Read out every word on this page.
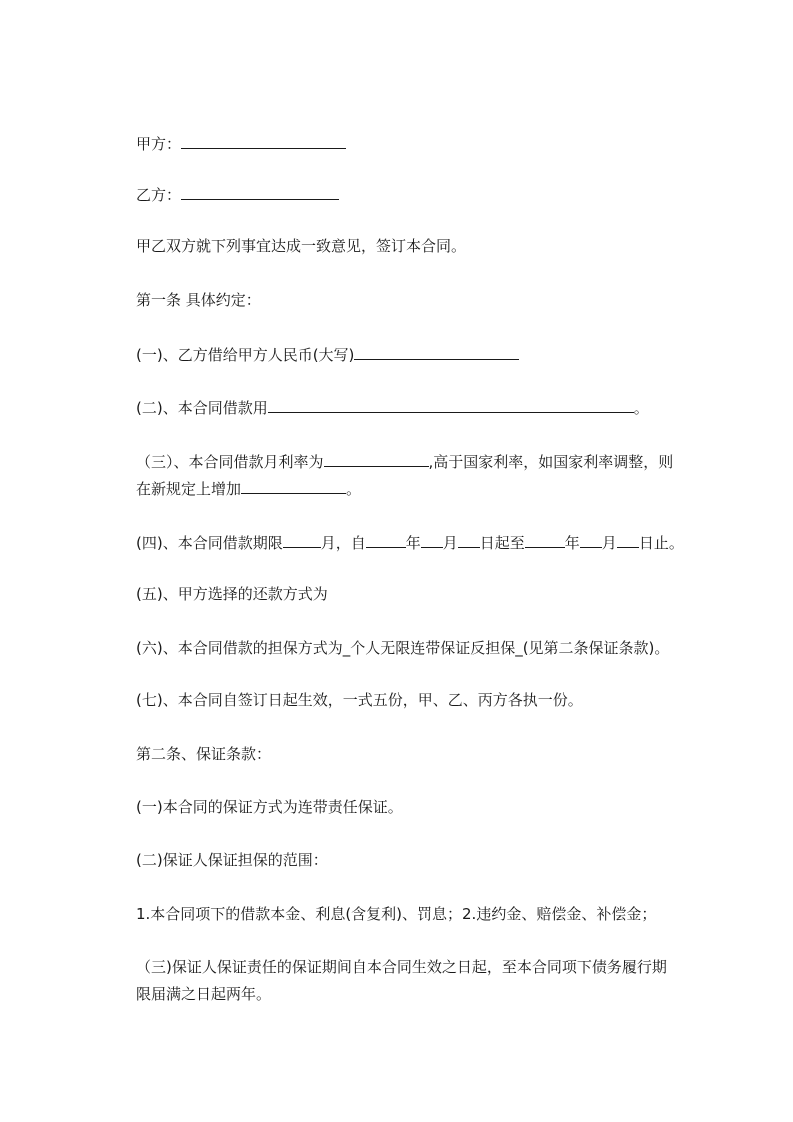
甲方：
乙方：
甲乙双方就下列事宜达成一致意见，签订本合同。
第一条 具体约定：
(一)、乙方借给甲方人民币(大写)
(二)、本合同借款用	。
（三）、本合同借款月利率为	,高于国家利率，如国家利率调整，则
在新规定上增加	。
(四)、本合同借款期限	月，自	年 月 日起至	年 月 日止。
(五)、甲方选择的还款方式为
(六)、本合同借款的担保方式为_个人无限连带保证反担保_(见第二条保证条款)。
(七)、本合同自签订日起生效，一式五份，甲、乙、丙方各执一份。
第二条、保证条款：
(一)本合同的保证方式为连带责任保证。
(二)保证人保证担保的范围：
1.本合同项下的借款本金、利息(含复利)、罚息；2.违约金、赔偿金、补偿金；
（三)保证人保证责任的保证期间自本合同生效之日起，至本合同项下债务履行期
限届满之日起两年。
